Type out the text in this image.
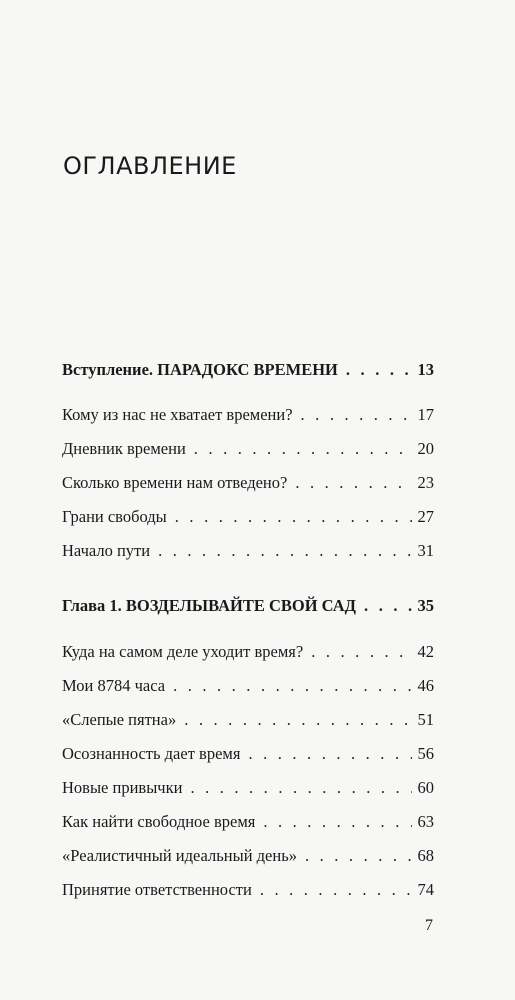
ОГЛАВЛЕНИЕ
Вступление. ПАРАДОКС ВРЕМЕНИ . . .	13
Кому из нас не хватает времени? . . .	17
Дневник времени . . .	20
Сколько времени нам отведено? . . .	23
Грани свободы . . .	27
Начало пути . . .	31
Глава 1. ВОЗДЕЛЫВАЙТЕ СВОЙ САД . . .	35
Куда на самом деле уходит время? . . .	42
Мои 8784 часа . . .	46
«Слепые пятна» . . .	51
Осознанность дает время . . .	56
Новые привычки . . .	60
Как найти свободное время . . .	63
«Реалистичный идеальный день» . . .	68
Принятие ответственности . . .	74
7
